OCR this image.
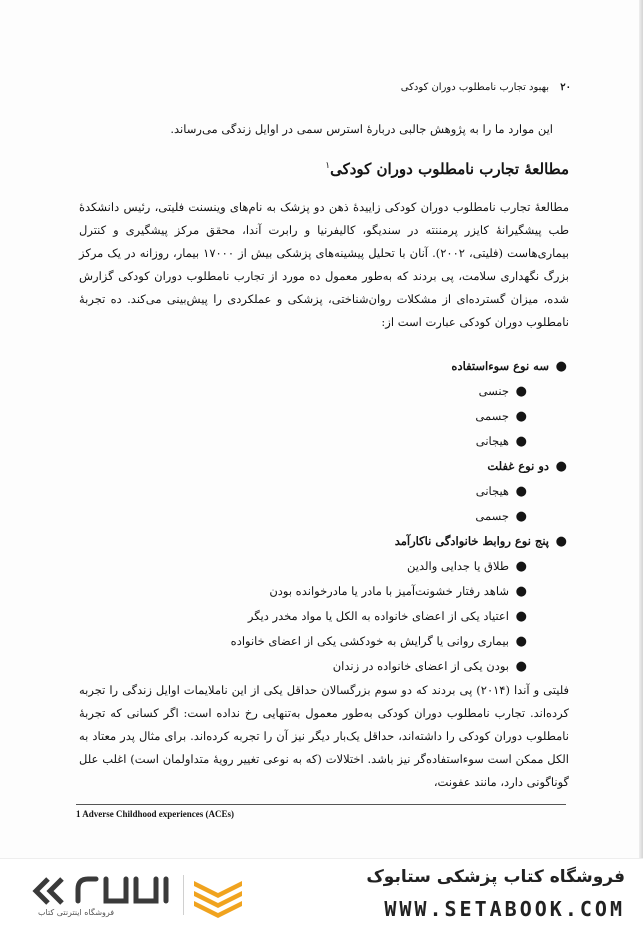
۲۰ بهبود تجارب نامطلوب دوران کودکی
این موارد ما را به پژوهش جالبی دربارهٔ استرس سمی در اوایل زندگی می‌رساند.
مطالعهٔ تجارب نامطلوب دوران کودکی$^۱$
مطالعهٔ تجارب نامطلوب دوران کودکی زاییدهٔ ذهن دو پزشک به نام‌های وینسنت فلیتی، رئیس دانشکدهٔ طب پیشگیرانهٔ کایزر پرمننته در سندیگو، کالیفرنیا و رابرت آندا، محقق مرکز پیشگیری و کنترل بیماری‌هاست (فلیتی، ۲۰۰۲). آنان با تحلیل پیشینه‌های پزشکی بیش از ۱۷۰۰۰ بیمار، روزانه در یک مرکز بزرگ نگهداری سلامت، پی بردند که به‌طور معمول ده مورد از تجارب نامطلوب دوران کودکی گزارش شده، میزان گسترده‌ای از مشکلات روان‌شناختی، پزشکی و عملکردی را پیش‌بینی می‌کند. ده تجربهٔ نامطلوب دوران کودکی عبارت است از:
●
سه نوع سوءاستفاده
●
جنسی
●
جسمی
●
هیجانی
●
دو نوع غفلت
●
هیجانی
●
جسمی
●
پنج نوع روابط خانوادگی ناکارآمد
●
طلاق یا جدایی والدین
●
شاهد رفتار خشونت‌آمیز با مادر یا مادرخوانده بودن
●
اعتیاد یکی از اعضای خانواده به الکل یا مواد مخدر دیگر
●
بیماری روانی یا گرایش به خودکشی یکی از اعضای خانواده
●
بودن یکی از اعضای خانواده در زندان
فلیتی و آندا (۲۰۱۴) پی بردند که دو سوم بزرگسالان حداقل یکی از این ناملایمات اوایل زندگی را تجربه کرده‌اند. تجارب نامطلوب دوران کودکی به‌طور معمول به‌تنهایی رخ نداده است: اگر کسانی که تجربهٔ نامطلوب دوران کودکی را داشته‌اند، حداقل یک‌بار دیگر نیز آن را تجربه کرده‌اند. برای مثال پدر معتاد به الکل ممکن است سوءاستفاده‌گر نیز باشد. اختلالات (که به نوعی تغییر رویهٔ متداولمان است) اغلب علل گوناگونی دارد، مانند عفونت،
1 Adverse Childhood experiences (ACEs)
فروشگاه اینترنتی کتاب
فروشگاه کتاب پزشکی ستابوک
WWW.SETABOOK.COM
